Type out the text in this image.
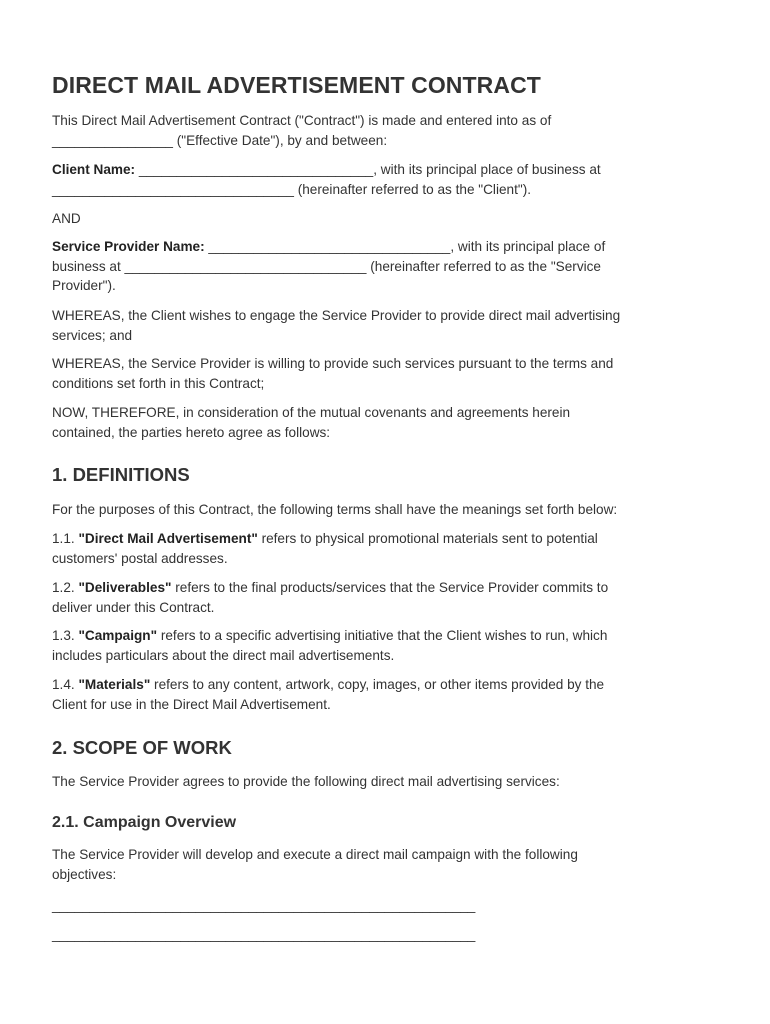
DIRECT MAIL ADVERTISEMENT CONTRACT

This Direct Mail Advertisement Contract ("Contract") is made and entered into as of
________________ ("Effective Date"), by and between:

Client Name: _______________________________, with its principal place of business at
________________________________ (hereinafter referred to as the "Client").

AND

Service Provider Name: ________________________________, with its principal place of
business at ________________________________ (hereinafter referred to as the "Service
Provider").

WHEREAS, the Client wishes to engage the Service Provider to provide direct mail advertising
services; and

WHEREAS, the Service Provider is willing to provide such services pursuant to the terms and
conditions set forth in this Contract;

NOW, THEREFORE, in consideration of the mutual covenants and agreements herein
contained, the parties hereto agree as follows:

1. DEFINITIONS

For the purposes of this Contract, the following terms shall have the meanings set forth below:

1.1. "Direct Mail Advertisement" refers to physical promotional materials sent to potential
customers' postal addresses.

1.2. "Deliverables" refers to the final products/services that the Service Provider commits to
deliver under this Contract.

1.3. "Campaign" refers to a specific advertising initiative that the Client wishes to run, which
includes particulars about the direct mail advertisements.

1.4. "Materials" refers to any content, artwork, copy, images, or other items provided by the
Client for use in the Direct Mail Advertisement.

2. SCOPE OF WORK

The Service Provider agrees to provide the following direct mail advertising services:

2.1. Campaign Overview

The Service Provider will develop and execute a direct mail campaign with the following
objectives:

________________________________________________________

________________________________________________________
